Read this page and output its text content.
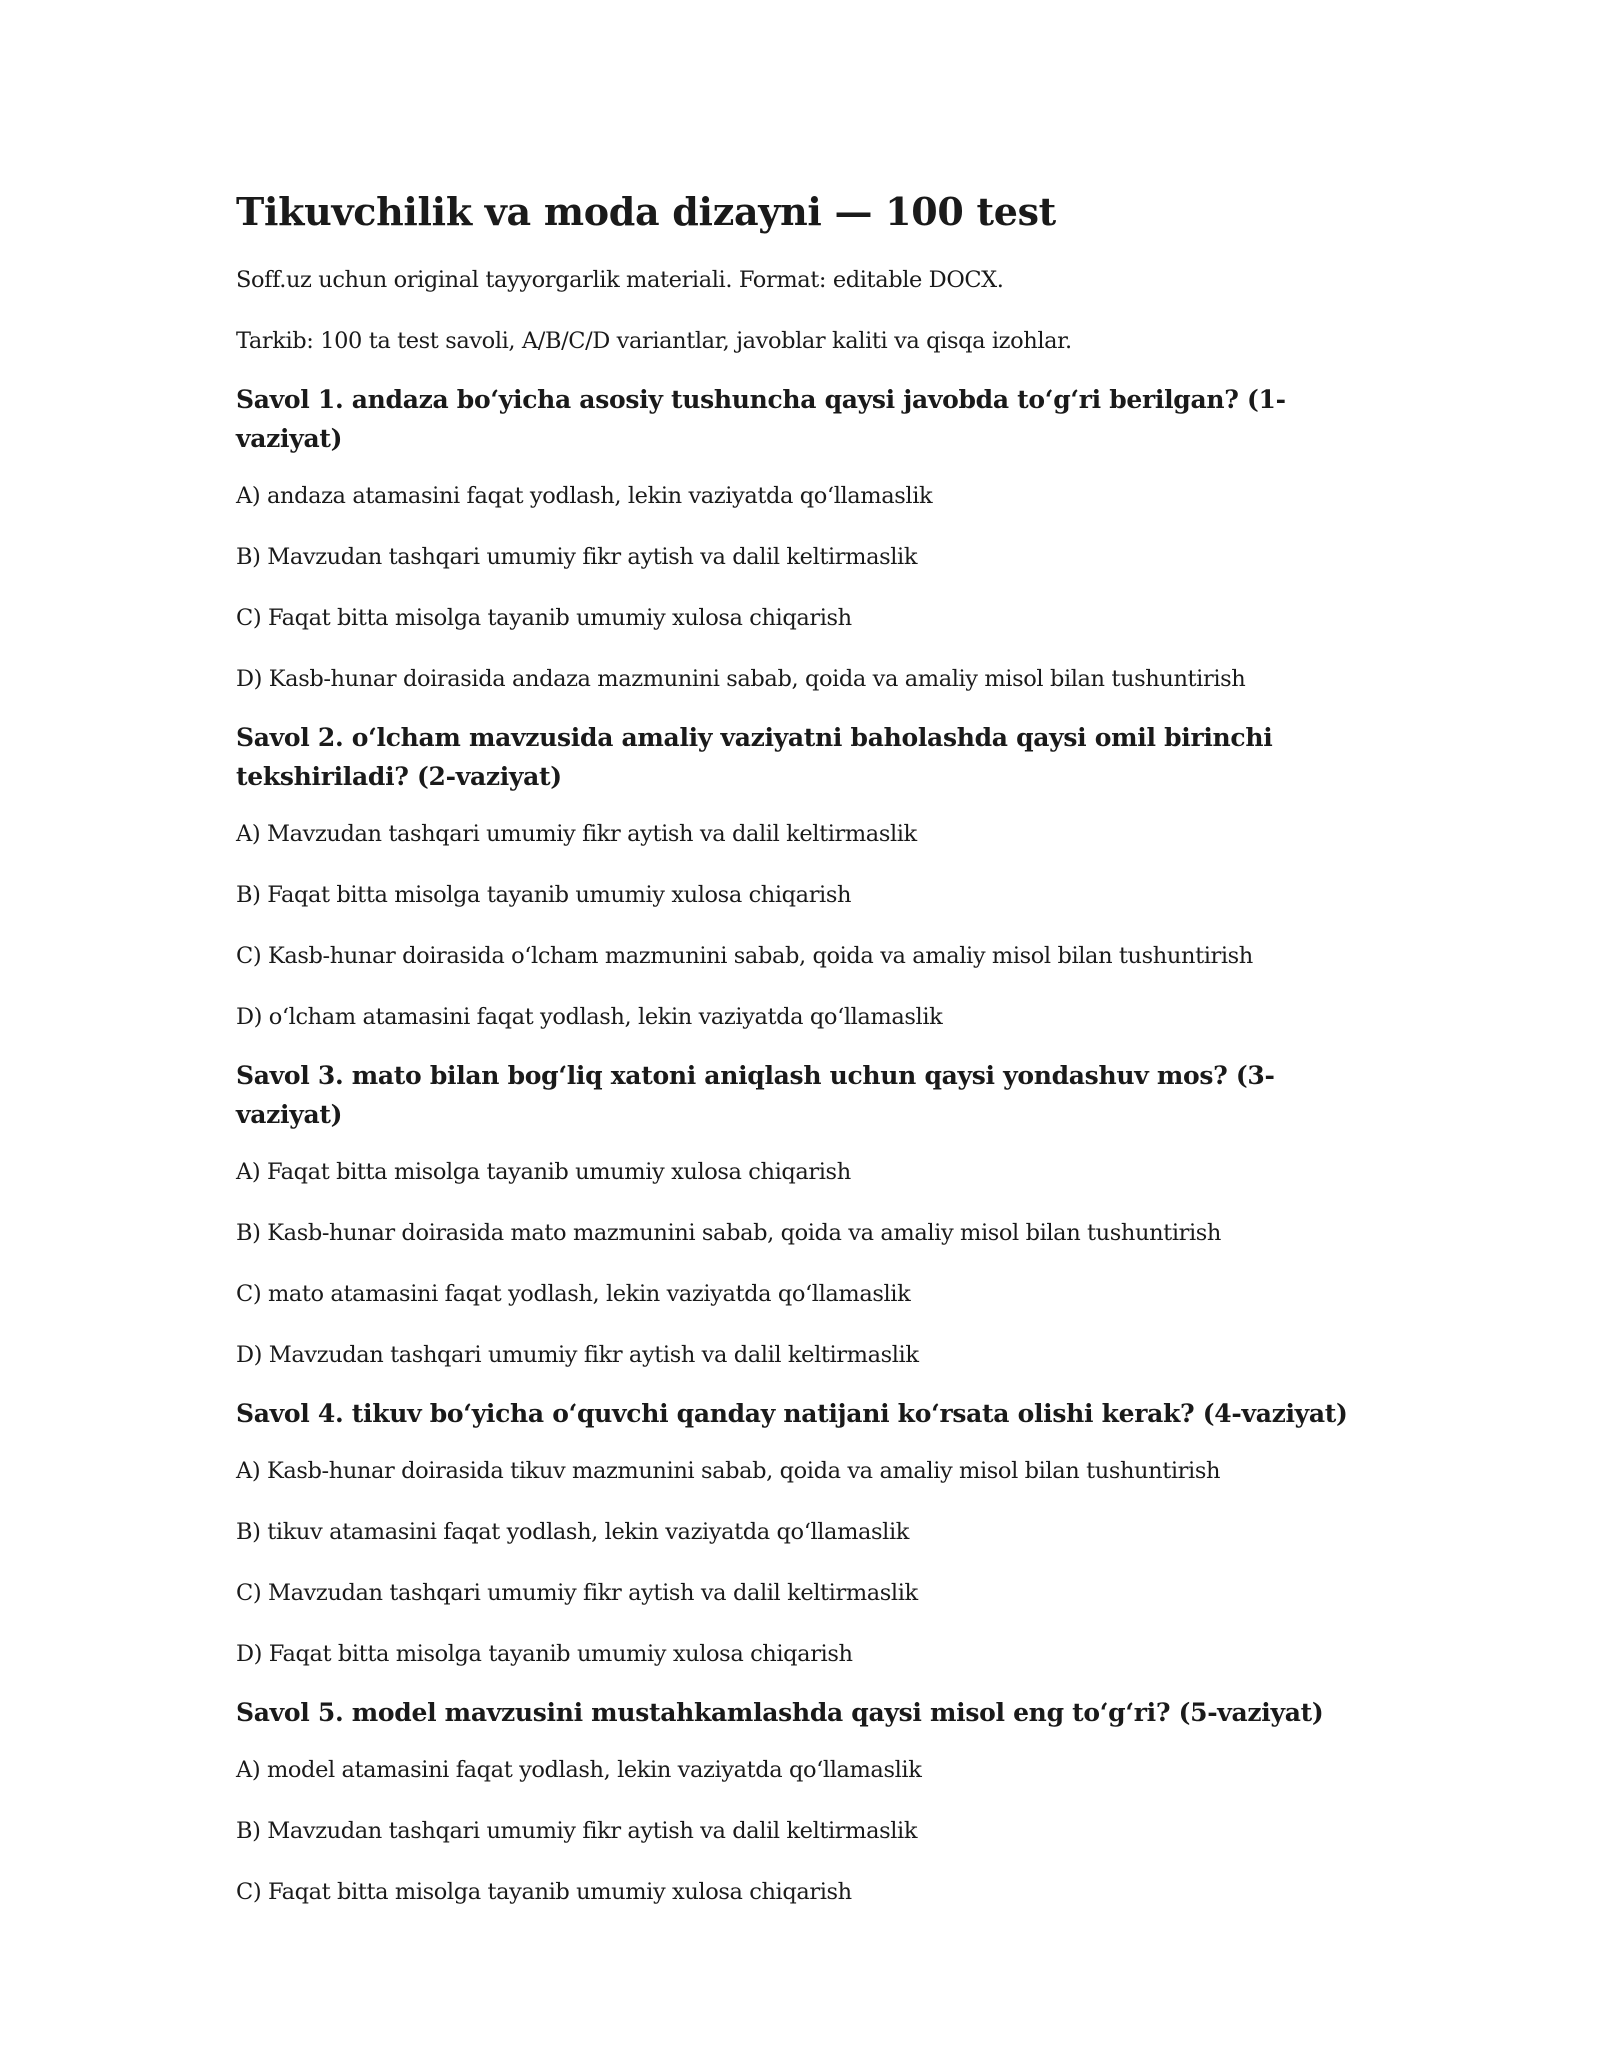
Tikuvchilik va moda dizayni — 100 test

Soff.uz uchun original tayyorgarlik materiali. Format: editable DOCX.

Tarkib: 100 ta test savoli, A/B/C/D variantlar, javoblar kaliti va qisqa izohlar.

Savol 1. andaza bo‘yicha asosiy tushuncha qaysi javobda to‘g‘ri berilgan? (1-vaziyat)

A) andaza atamasini faqat yodlash, lekin vaziyatda qo‘llamaslik

B) Mavzudan tashqari umumiy fikr aytish va dalil keltirmaslik

C) Faqat bitta misolga tayanib umumiy xulosa chiqarish

D) Kasb-hunar doirasida andaza mazmunini sabab, qoida va amaliy misol bilan tushuntirish

Savol 2. o‘lcham mavzusida amaliy vaziyatni baholashda qaysi omil birinchi tekshiriladi? (2-vaziyat)

A) Mavzudan tashqari umumiy fikr aytish va dalil keltirmaslik

B) Faqat bitta misolga tayanib umumiy xulosa chiqarish

C) Kasb-hunar doirasida o‘lcham mazmunini sabab, qoida va amaliy misol bilan tushuntirish

D) o‘lcham atamasini faqat yodlash, lekin vaziyatda qo‘llamaslik

Savol 3. mato bilan bog‘liq xatoni aniqlash uchun qaysi yondashuv mos? (3-vaziyat)

A) Faqat bitta misolga tayanib umumiy xulosa chiqarish

B) Kasb-hunar doirasida mato mazmunini sabab, qoida va amaliy misol bilan tushuntirish

C) mato atamasini faqat yodlash, lekin vaziyatda qo‘llamaslik

D) Mavzudan tashqari umumiy fikr aytish va dalil keltirmaslik

Savol 4. tikuv bo‘yicha o‘quvchi qanday natijani ko‘rsata olishi kerak? (4-vaziyat)

A) Kasb-hunar doirasida tikuv mazmunini sabab, qoida va amaliy misol bilan tushuntirish

B) tikuv atamasini faqat yodlash, lekin vaziyatda qo‘llamaslik

C) Mavzudan tashqari umumiy fikr aytish va dalil keltirmaslik

D) Faqat bitta misolga tayanib umumiy xulosa chiqarish

Savol 5. model mavzusini mustahkamlashda qaysi misol eng to‘g‘ri? (5-vaziyat)

A) model atamasini faqat yodlash, lekin vaziyatda qo‘llamaslik

B) Mavzudan tashqari umumiy fikr aytish va dalil keltirmaslik

C) Faqat bitta misolga tayanib umumiy xulosa chiqarish
